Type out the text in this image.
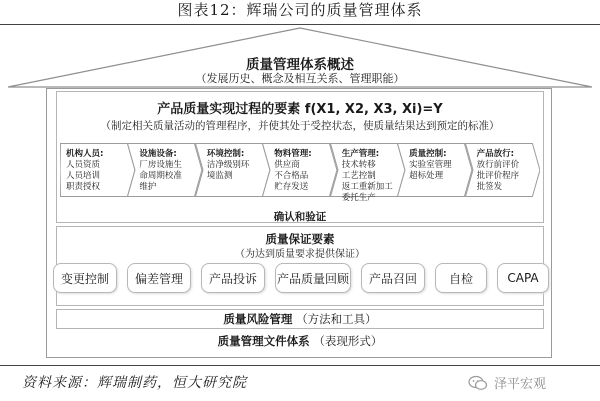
图表12：辉瑞公司的质量管理体系
质量管理体系概述
（发展历史、概念及相互关系、管理职能）
产品质量实现过程的要素 f(X1, X2, X3, Xi)=Y
（制定相关质量活动的管理程序，并使其处于受控状态，使质量结果达到预定的标准）
确认和验证
机构人员:
人员资质
人员培训
职责授权
设施设备:
厂房设施生
命周期校准
维护
环境控制:
洁净级别环
境监测
物料管理:
供应商
不合格品
贮存发送
生产管理:
技术转移
工艺控制
返工重新加工
委托生产
质量控制:
实验室管理
超标处理
产品放行:
放行前评价
批评价程序
批签发
质量保证要素
（为达到质量要求提供保证）
变更控制	偏差管理	产品投诉	产品质量回顾	产品召回	自检	CAPA
质量风险管理 （方法和工具）
质量管理文件体系 （表现形式）
资料来源：辉瑞制药，恒大研究院	泽平宏观
